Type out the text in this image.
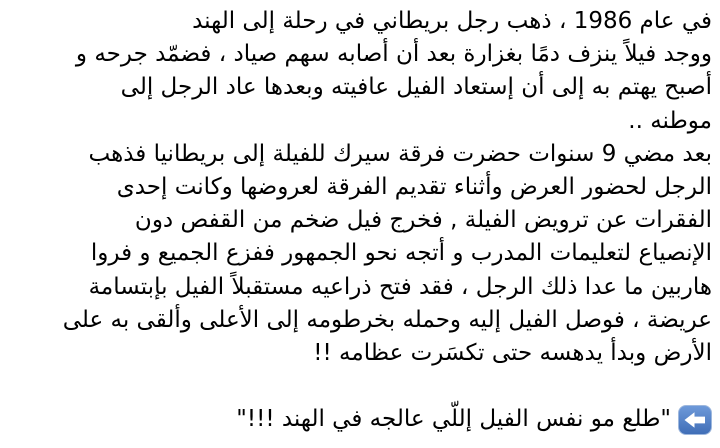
في عام 1986 ، ذهب رجل بريطاني في رحلة إلى الهند
ووجد فيلاً ينزف دمًا بغزارة بعد أن أصابه سهم صياد ، فضمّد جرحه و
أصبح يهتم به إلى أن إستعاد الفيل عافيته وبعدها عاد الرجل إلى
موطنه ..
بعد مضي 9 سنوات حضرت فرقة سيرك للفيلة إلى بريطانيا فذهب
الرجل لحضور العرض وأثناء تقديم الفرقة لعروضها وكانت إحدى
الفقرات عن ترويض الفيلة , فخرج فيل ضخم من القفص دون
الإنصياع لتعليمات المدرب و أتجه نحو الجمهور ففزع الجميع و فروا
هاربين ما عدا ذلك الرجل ، فقد فتح ذراعيه مستقبلاً الفيل بإبتسامة
عريضة ، فوصل الفيل إليه وحمله بخرطومه إلى الأعلى وألقى به على
الأرض وبدأ يدهسه حتى تكسَرت عظامه !!
"طلع مو نفس الفيل إللّي عالجه في الهند !!!"
